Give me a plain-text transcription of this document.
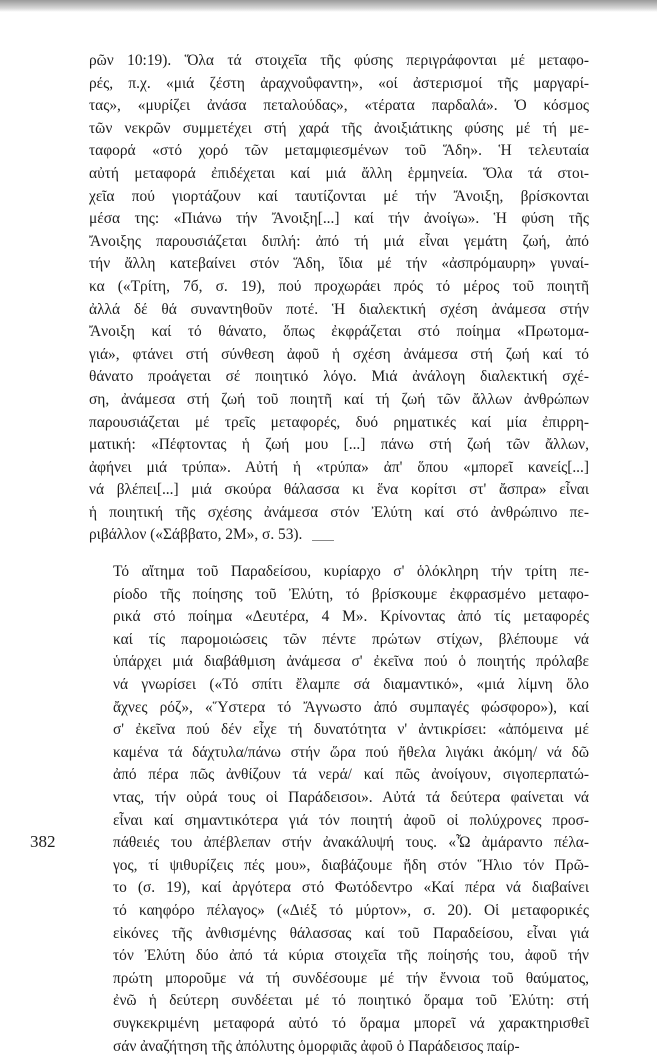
ρῶν 10:19). Ὅλα τά στοιχεῖα τῆς φύσης περιγράφονται μέ μεταφο-
ρές, π.χ. «μιά ζέστη ἀραχνοΰφαντη», «οί ἀστερισμοί τῆς μαργαρί-
τας», «μυρίζει ἀνάσα πεταλούδας», «τέρατα παρδαλά». Ὁ κόσμος
τῶν νεκρῶν συμμετέχει στή χαρά τῆς ἀνοιξιάτικης φύσης μέ τή με-
ταφορά «στό χορό τῶν μεταμφιεσμένων τοῦ Ἅδη». Ἡ τελευταία
αὐτή μεταφορά ἐπιδέχεται καί μιά ἄλλη ἑρμηνεία. Ὅλα τά στοι-
χεῖα πού γιορτάζουν καί ταυτίζονται μέ τήν Ἄνοιξη, βρίσκονται
μέσα της: «Πιάνω τήν Ἄνοιξη[...] καί τήν ἀνοίγω». Ἡ φύση τῆς
Ἄνοιξης παρουσιάζεται διπλή: ἀπό τή μιά εἶναι γεμάτη ζωή, ἀπό
τήν ἄλλη κατεβαίνει στόν Ἅδη, ἴδια μέ τήν «ἀσπρόμαυρη» γυναί-
κα («Τρίτη, 7б, σ. 19), πού προχωράει πρός τό μέρος τοῦ ποιητῆ
ἀλλά δέ θά συναντηθοῦν ποτέ. Ἡ διαλεκτική σχέση ἀνάμεσα στήν
Ἄνοιξη καί τό θάνατο, ὅπως ἐκφράζεται στό ποίημα «Πρωτομα-
γιά», φτάνει στή σύνθεση ἀφοῦ ἡ σχέση ἀνάμεσα στή ζωή καί τό
θάνατο προάγεται σέ ποιητικό λόγο. Μιά ἀνάλογη διαλεκτική σχέ-
ση, ἀνάμεσα στή ζωή τοῦ ποιητῆ καί τή ζωή τῶν ἄλλων ἀνθρώπων
παρουσιάζεται μέ τρεῖς μεταφορές, δυό ρηματικές καί μία ἐπιρρη-
ματική: «Πέφτοντας ἡ ζωή μου [...] πάνω στή ζωή τῶν ἄλλων,
ἀφήνει μιά τρύπα». Αὐτή ἡ «τρύπα» ἀπ' ὅπου «μπορεῖ κανείς[...]
νά βλέπει[...] μιά σκούρα θάλασσα κι ἕνα κορίτσι στ' ἄσπρα» εἶναι
ἡ ποιητική τῆς σχέσης ἀνάμεσα στόν Ἐλύτη καί στό ἀνθρώπινο πε-
ριβάλλον («Σάββατο, 2Μ», σ. 53).
Τό αἴτημα τοῦ Παραδείσου, κυρίαρχο σ' ὁλόκληρη τήν τρίτη πε-
ρίοδο τῆς ποίησης τοῦ Ἐλύτη, τό βρίσκουμε ἐκφρασμένο μεταφο-
ρικά στό ποίημα «Δευτέρα, 4 Μ». Κρίνοντας ἀπό τίς μεταφορές
καί τίς παρομοιώσεις τῶν πέντε πρώτων στίχων, βλέπουμε νά
ὑπάρχει μιά διαβάθμιση ἀνάμεσα σ' ἐκεῖνα πού ὁ ποιητής πρόλαβε
νά γνωρίσει («Τό σπίτι ἔλαμπε σά διαμαντικό», «μιά λίμνη ὅλο
ἄχνες ρόζ», «Ὕστερα τό Ἄγνωστο ἀπό συμπαγές φώσφορο»), καί
σ' ἐκεῖνα πού δέν εἶχε τή δυνατότητα ν' ἀντικρίσει: «ἀπόμεινα μέ
καμένα τά δάχτυλα/πάνω στήν ὥρα πού ἤθελα λιγάκι ἀκόμη/ νά δῶ
ἀπό πέρα πῶς ἀνθίζουν τά νερά/ καί πῶς ἀνοίγουν, σιγοπερπατώ-
ντας, τήν οὐρά τους οἱ Παράδεισοι». Αὐτά τά δεύτερα φαίνεται νά
εἶναι καί σημαντικότερα γιά τόν ποιητή ἀφοῦ οἱ πολύχρονες προσ-
πάθειές του ἀπέβλεπαν στήν ἀνακάλυψή τους. «Ὦ ἀμάραντο πέλα-
γος, τί ψιθυρίζεις πές μου», διαβάζουμε ἤδη στόν Ἥλιο τόν Πρῶ-
το (σ. 19), καί ἀργότερα στό Φωτόδεντρο «Καί πέρα νά διαβαίνει
τό καηφόρο πέλαγος» («Διέξ τό μύρτον», σ. 20). Οἱ μεταφορικές
εἰκόνες τῆς ἀνθισμένης θάλασσας καί τοῦ Παραδείσου, εἶναι γιά
τόν Ἐλύτη δύο ἀπό τά κύρια στοιχεῖα τῆς ποίησής του, ἀφοῦ τήν
πρώτη μποροῦμε νά τή συνδέσουμε μέ τήν ἔννοια τοῦ θαύματος,
ἐνῶ ἡ δεύτερη συνδέεται μέ τό ποιητικό ὅραμα τοῦ Ἐλύτη: στή
συγκεκριμένη μεταφορά αὐτό τό ὅραμα μπορεῖ νά χαρακτηρισθεῖ
σάν ἀναζήτηση τῆς ἀπόλυτης ὁμορφιᾶς ἀφοῦ ὁ Παράδεισος παίρ-
382
